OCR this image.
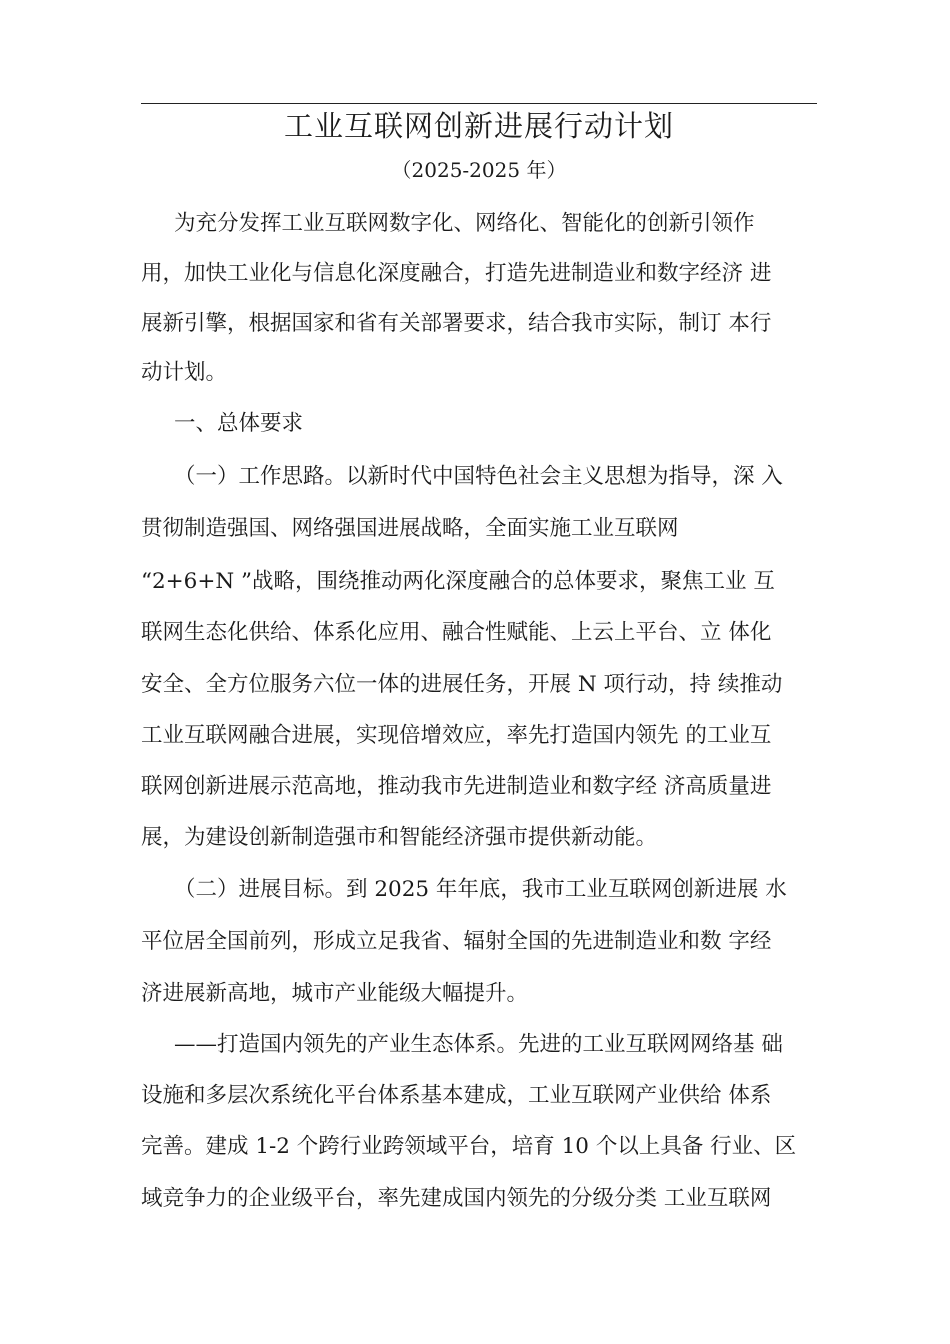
工业互联网创新进展行动计划
（2025-2025 年）
为充分发挥工业互联网数字化、网络化、智能化的创新引领作
用，加快工业化与信息化深度融合，打造先进制造业和数字经济 进
展新引擎，根据国家和省有关部署要求，结合我市实际，制订 本行
动计划。
一、总体要求
（一）工作思路。以新时代中国特色社会主义思想为指导，深 入
贯彻制造强国、网络强国进展战略，全面实施工业互联网
“2+6+N ”战略，围绕推动两化深度融合的总体要求，聚焦工业 互
联网生态化供给、体系化应用、融合性赋能、上云上平台、立 体化
安全、全方位服务六位一体的进展任务，开展 N 项行动，持 续推动
工业互联网融合进展，实现倍增效应，率先打造国内领先 的工业互
联网创新进展示范高地，推动我市先进制造业和数字经 济高质量进
展，为建设创新制造强市和智能经济强市提供新动能。
（二）进展目标。到 2025 年年底，我市工业互联网创新进展 水
平位居全国前列，形成立足我省、辐射全国的先进制造业和数 字经
济进展新高地，城市产业能级大幅提升。
——打造国内领先的产业生态体系。先进的工业互联网网络基 础
设施和多层次系统化平台体系基本建成，工业互联网产业供给 体系
完善。建成 1-2 个跨行业跨领域平台，培育 10 个以上具备 行业、区
域竞争力的企业级平台，率先建成国内领先的分级分类 工业互联网
